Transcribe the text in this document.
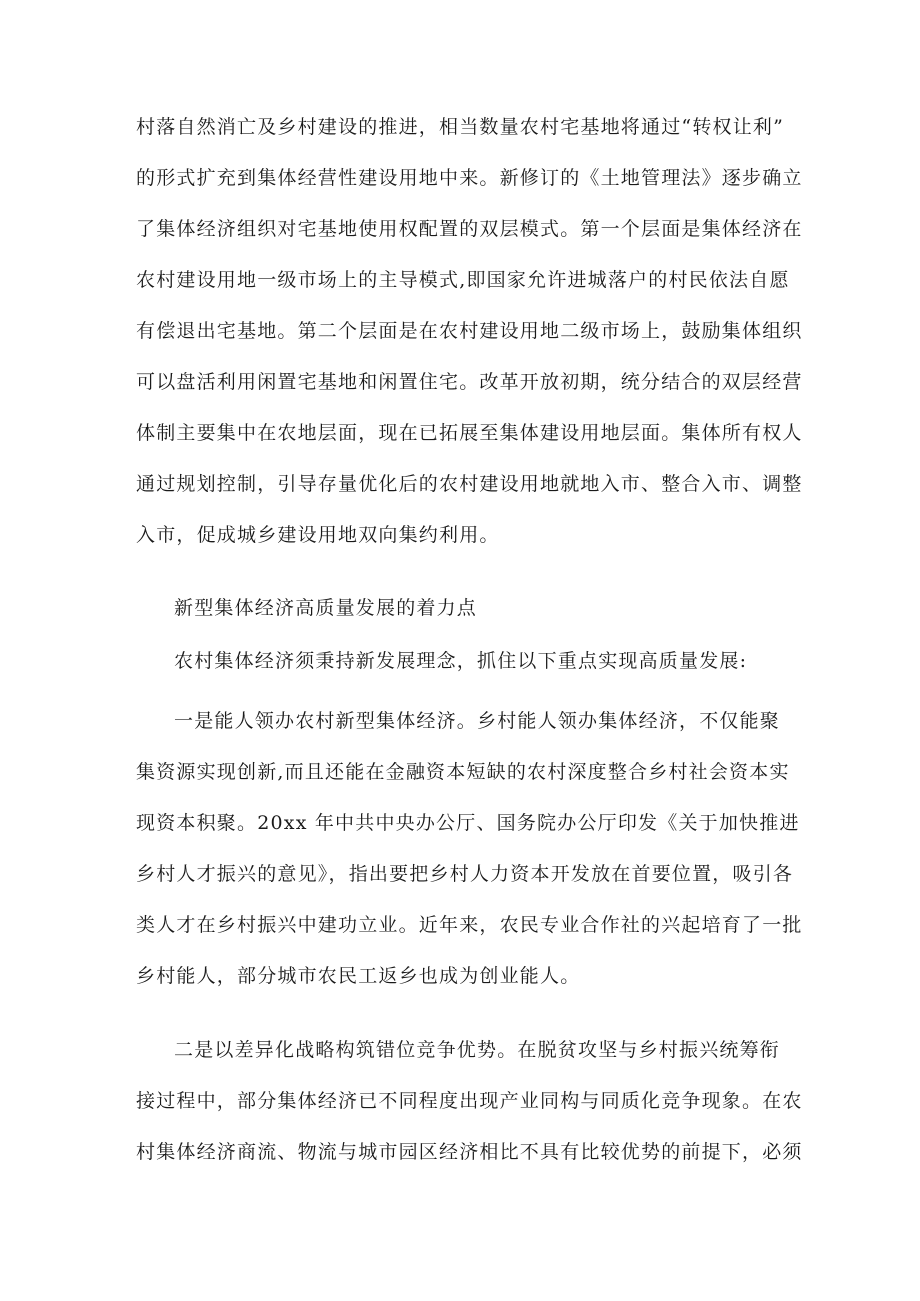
村落自然消亡及乡村建设的推进，相当数量农村宅基地将通过“转权让利”
的形式扩充到集体经营性建设用地中来。新修订的《土地管理法》逐步确立
了集体经济组织对宅基地使用权配置的双层模式。第一个层面是集体经济在
农村建设用地一级市场上的主导模式,即国家允许进城落户的村民依法自愿
有偿退出宅基地。第二个层面是在农村建设用地二级市场上，鼓励集体组织
可以盘活利用闲置宅基地和闲置住宅。改革开放初期，统分结合的双层经营
体制主要集中在农地层面，现在已拓展至集体建设用地层面。集体所有权人
通过规划控制，引导存量优化后的农村建设用地就地入市、整合入市、调整
入市，促成城乡建设用地双向集约利用。
新型集体经济高质量发展的着力点
农村集体经济须秉持新发展理念，抓住以下重点实现高质量发展:
一是能人领办农村新型集体经济。乡村能人领办集体经济，不仅能聚
集资源实现创新,而且还能在金融资本短缺的农村深度整合乡村社会资本实
现资本积聚。20xx 年中共中央办公厅、国务院办公厅印发《关于加快推进
乡村人才振兴的意见》，指出要把乡村人力资本开发放在首要位置，吸引各
类人才在乡村振兴中建功立业。近年来，农民专业合作社的兴起培育了一批
乡村能人，部分城市农民工返乡也成为创业能人。
二是以差异化战略构筑错位竞争优势。在脱贫攻坚与乡村振兴统筹衔
接过程中，部分集体经济已不同程度出现产业同构与同质化竞争现象。在农
村集体经济商流、物流与城市园区经济相比不具有比较优势的前提下，必须
